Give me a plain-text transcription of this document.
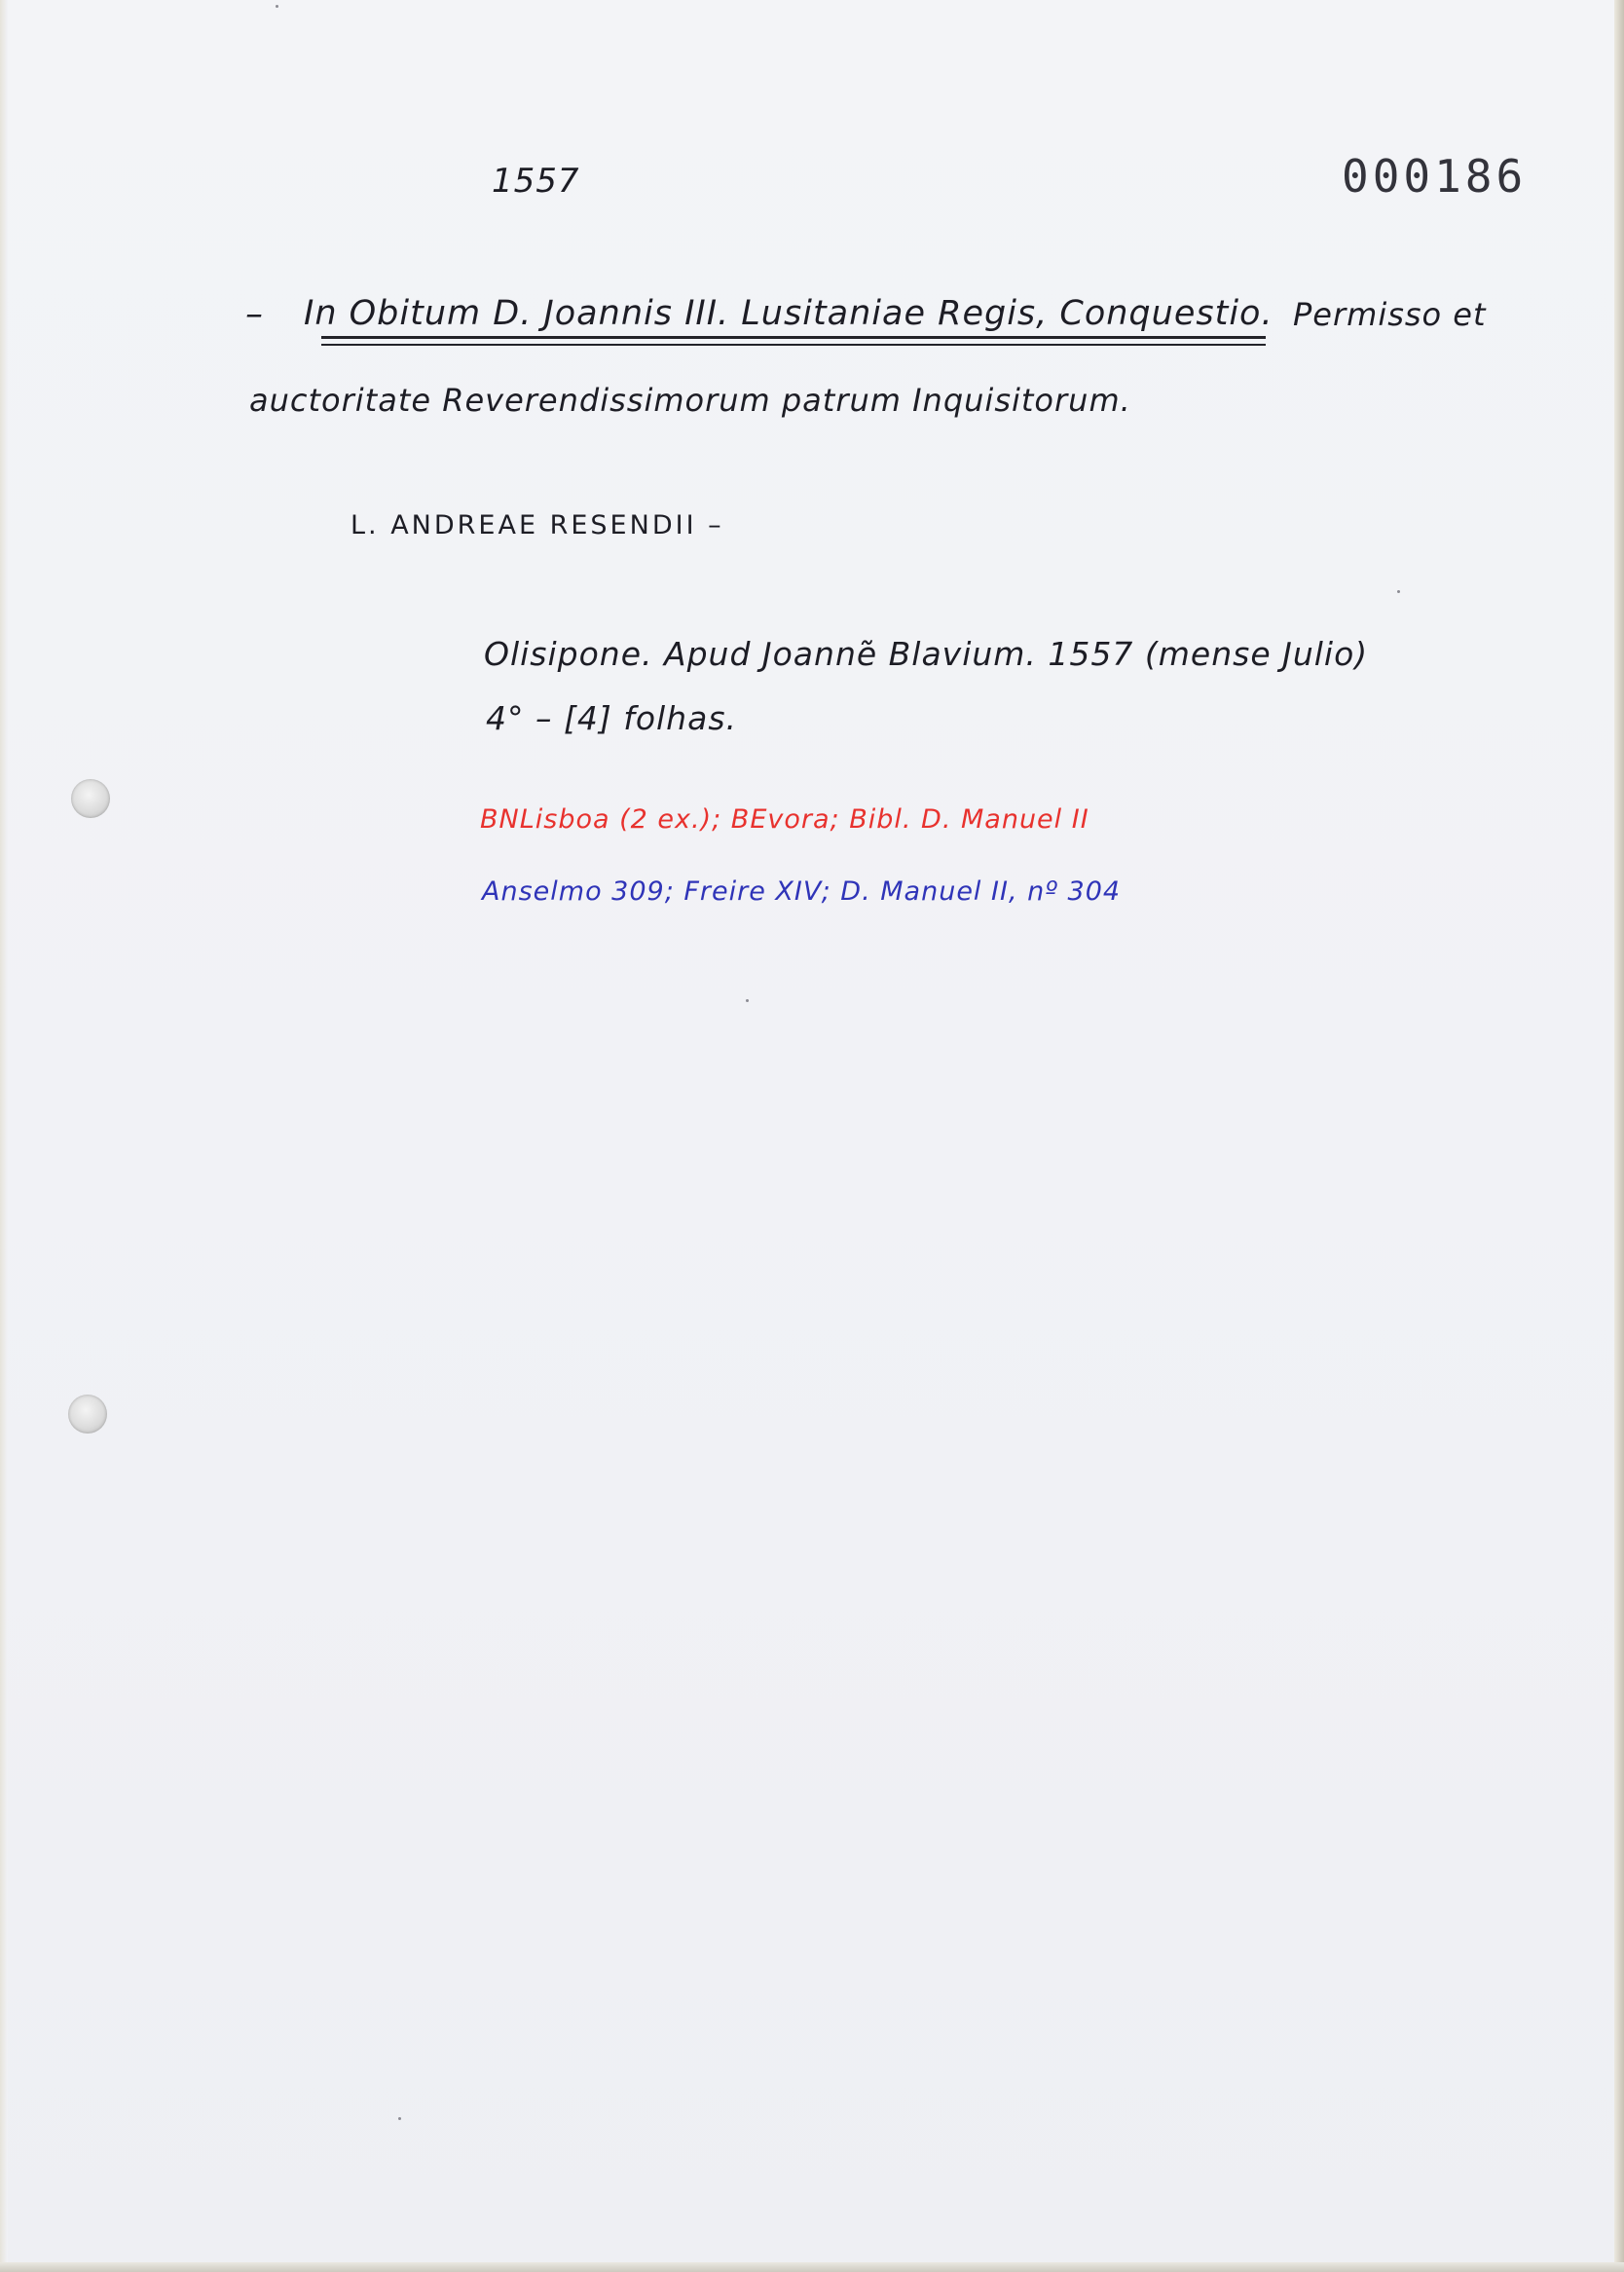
1557	000186
– In Obitum D. Joannis III. Lusitaniae Regis, Conquestio. Permisso et
auctoritate Reverendissimorum patrum Inquisitorum.
L. ANDREAE RESENDII –
Olisipone. Apud Joannẽ Blavium. 1557 (mense Julio)
4° – [4] folhas.
BNLisboa (2 ex.); BEvora; Bibl. D. Manuel II
Anselmo 309; Freire XIV; D. Manuel II, nº 304
